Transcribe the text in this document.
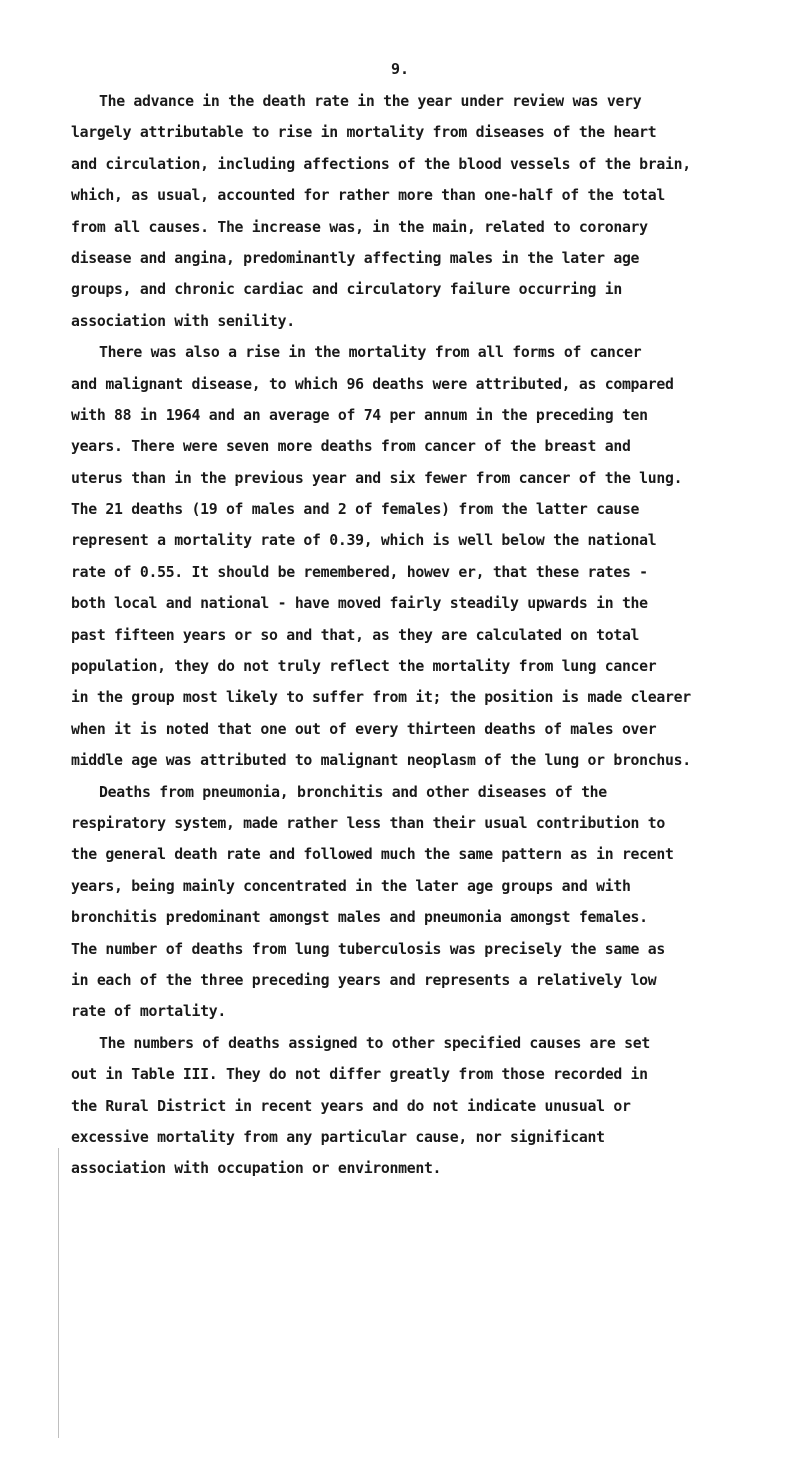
9.
The advance in the death rate in the year under review was very
largely attributable to rise in mortality from diseases of the heart
and circulation, including affections of the blood vessels of the brain,
which, as usual, accounted for rather more than one-half of the total
from all causes. The increase was, in the main, related to coronary
disease and angina, predominantly affecting males in the later age
groups, and chronic cardiac and circulatory failure occurring in
association with senility.
There was also a rise in the mortality from all forms of cancer
and malignant disease, to which 96 deaths were attributed, as compared
with 88 in 1964 and an average of 74 per annum in the preceding ten
years. There were seven more deaths from cancer of the breast and
uterus than in the previous year and six fewer from cancer of the lung.
The 21 deaths (19 of males and 2 of females) from the latter cause
represent a mortality rate of 0.39, which is well below the national
rate of 0.55. It should be remembered, howev er, that these rates -
both local and national - have moved fairly steadily upwards in the
past fifteen years or so and that, as they are calculated on total
population, they do not truly reflect the mortality from lung cancer
in the group most likely to suffer from it; the position is made clearer
when it is noted that one out of every thirteen deaths of males over
middle age was attributed to malignant neoplasm of the lung or bronchus.
Deaths from pneumonia, bronchitis and other diseases of the
respiratory system, made rather less than their usual contribution to
the general death rate and followed much the same pattern as in recent
years, being mainly concentrated in the later age groups and with
bronchitis predominant amongst males and pneumonia amongst females.
The number of deaths from lung tuberculosis was precisely the same as
in each of the three preceding years and represents a relatively low
rate of mortality.
The numbers of deaths assigned to other specified causes are set
out in Table III. They do not differ greatly from those recorded in
the Rural District in recent years and do not indicate unusual or
excessive mortality from any particular cause, nor significant
association with occupation or environment.
